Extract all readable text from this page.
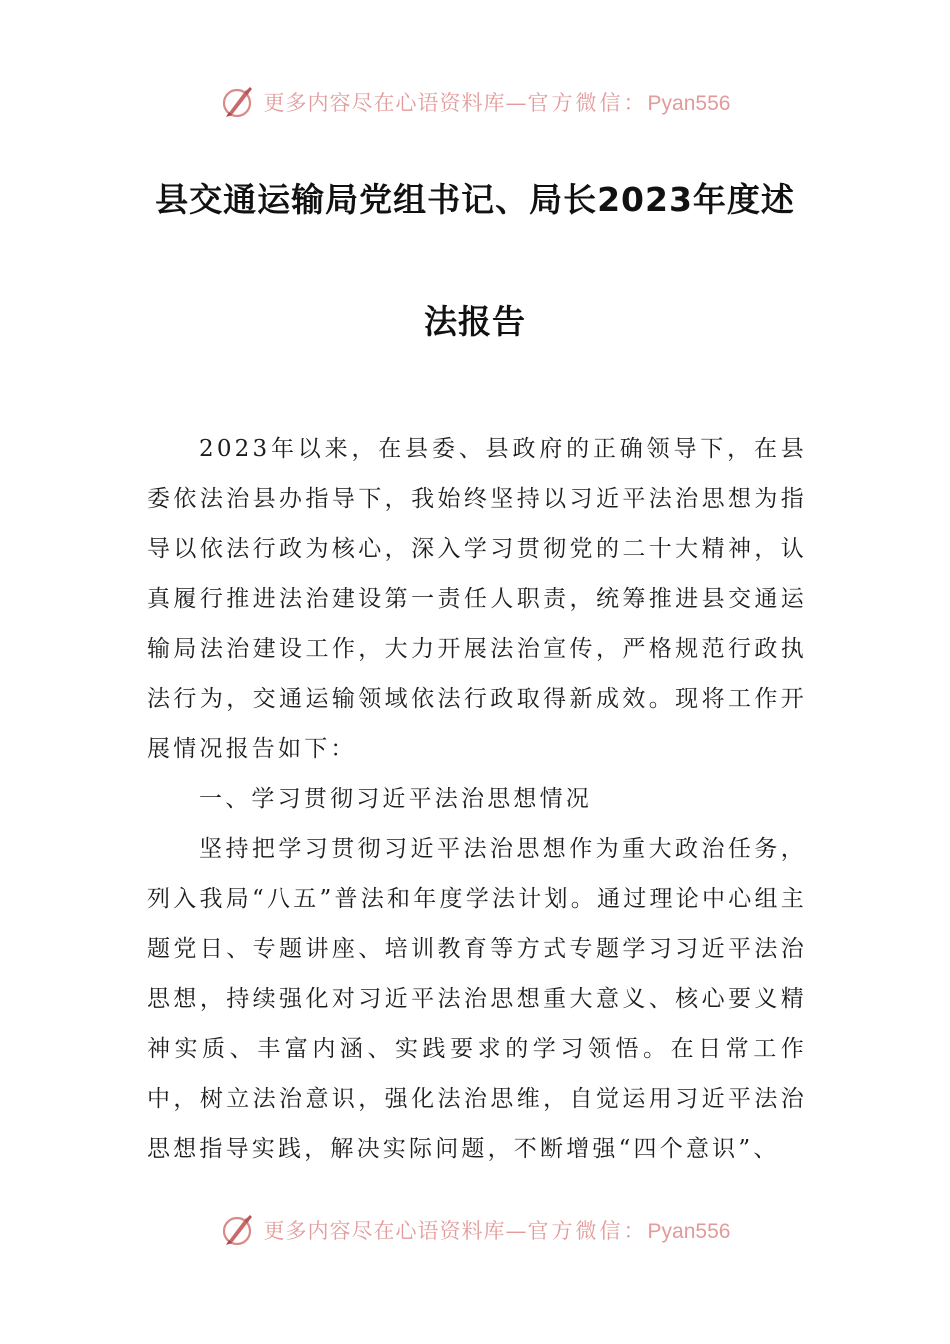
更多内容尽在心语资料库—官方微信：Pyan556
县交通运输局党组书记、局长2023年度述
法报告

2023年以来，在县委、县政府的正确领导下，在县委依法治县办指导下，我始终坚持以习近平法治思想为指导以依法行政为核心，深入学习贯彻党的二十大精神，认真履行推进法治建设第一责任人职责，统筹推进县交通运输局法治建设工作，大力开展法治宣传，严格规范行政执法行为，交通运输领域依法行政取得新成效。现将工作开展情况报告如下：

一、学习贯彻习近平法治思想情况

坚持把学习贯彻习近平法治思想作为重大政治任务，列入我局“八五”普法和年度学法计划。通过理论中心组主题党日、专题讲座、培训教育等方式专题学习习近平法治思想，持续强化对习近平法治思想重大意义、核心要义精神实质、丰富内涵、实践要求的学习领悟。在日常工作中，树立法治意识，强化法治思维，自觉运用习近平法治思想指导实践，解决实际问题，不断增强“四个意识”、

更多内容尽在心语资料库—官方微信：Pyan556
